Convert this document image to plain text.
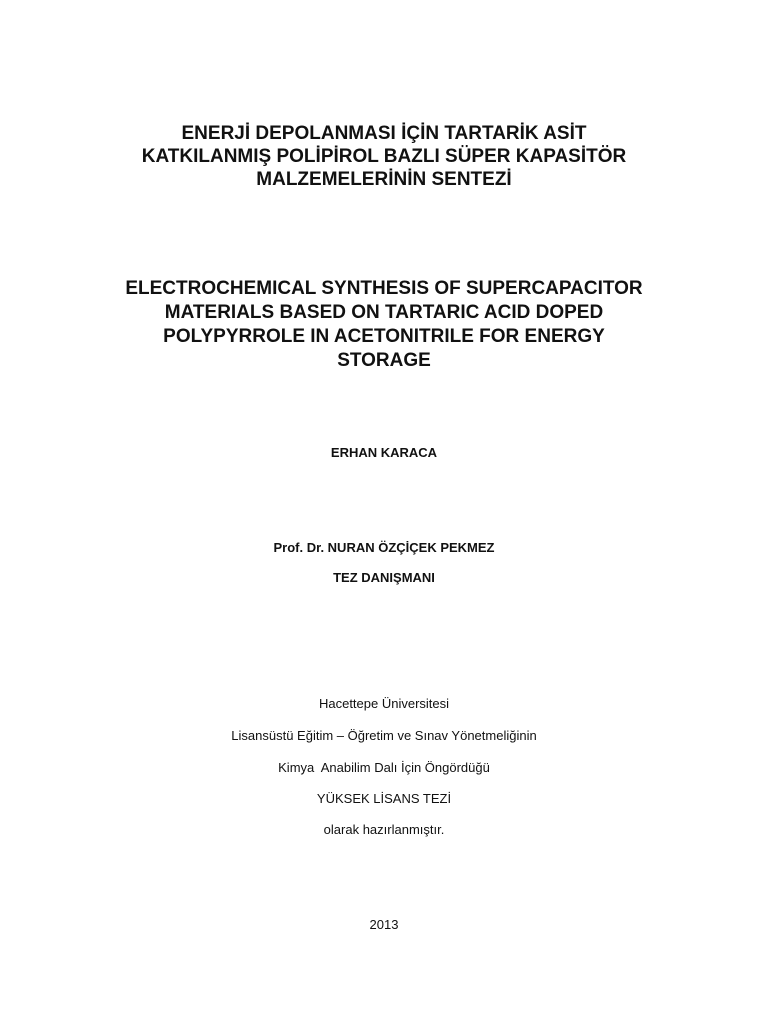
ENERJİ DEPOLANMASI İÇİN TARTARİK ASİT
KATKILANMIŞ POLİPİROL BAZLI SÜPER KAPASİTÖR
MALZEMELERİNİN SENTEZİ
ELECTROCHEMICAL SYNTHESIS OF SUPERCAPACITOR
MATERIALS BASED ON TARTARIC ACID DOPED
POLYPYRROLE IN ACETONITRILE FOR ENERGY
STORAGE
ERHAN KARACA
Prof. Dr. NURAN ÖZÇİÇEK PEKMEZ
TEZ DANIŞMANI
Hacettepe Üniversitesi
Lisansüstü Eğitim – Öğretim ve Sınav Yönetmeliğinin
Kimya  Anabilim Dalı İçin Öngördüğü
YÜKSEK LİSANS TEZİ
olarak hazırlanmıştır.
2013
